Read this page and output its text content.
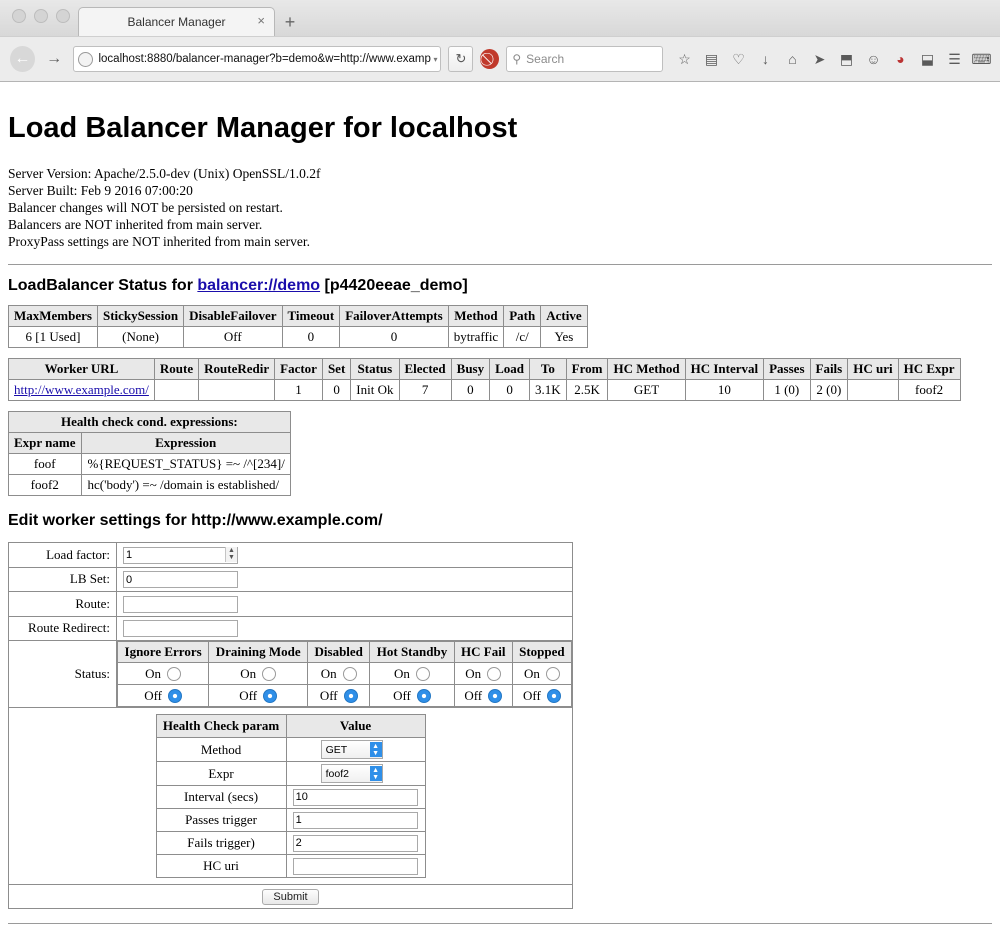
Balancer Manager ×	+
← →	localhost:8880/balancer-manager?b=demo&w=http://www.examp ▾	↻	⚲ Search	☆ ▤ ♡	↓	⌂	➤ ⬒ ☺	◕	⬓ ☰ ⌨
Load Balancer Manager for localhost
Server Version: Apache/2.5.0-dev (Unix) OpenSSL/1.0.2f
Server Built: Feb 9 2016 07:00:20
Balancer changes will NOT be persisted on restart.
Balancers are NOT inherited from main server.
ProxyPass settings are NOT inherited from main server.
LoadBalancer Status for balancer://demo [p4420eeae_demo]
MaxMembers	StickySession	DisableFailover	Timeout	FailoverAttempts	Method	Path	Active
6 [1 Used]	(None)	Off	0	0	bytraffic	/c/	Yes
Worker URL	Route	RouteRedir	Factor	Set	Status	Elected	Busy	Load	To	From	HC Method	HC Interval	Passes	Fails	HC uri	HC Expr
http://www.example.com/			1	0	Init Ok	7	0	0	3.1K	2.5K	GET	10	1 (0)	2 (0)		foof2
Health check cond. expressions:	
Expr name	Expression
foof	%{REQUEST_STATUS} =~ /^[234]/
foof2	hc('body') =~ /domain is established/
Edit worker settings for http://www.example.com/
Load factor:	1▲
▼

LB Set:	0
Route:	
Route Redirect:	
Status:	
Ignore Errors	Draining Mode	Disabled	Hot Standby	HC Fail	Stopped

On	On	On	On	On	On

Off	Off	Off	Off	Off	Off

Health Check param	Value
Method	GET	▲
▼

Expr	foof2	▲
▼

Interval (secs)	10
Passes trigger	1
Fails trigger)	2
HC uri	

Submit
